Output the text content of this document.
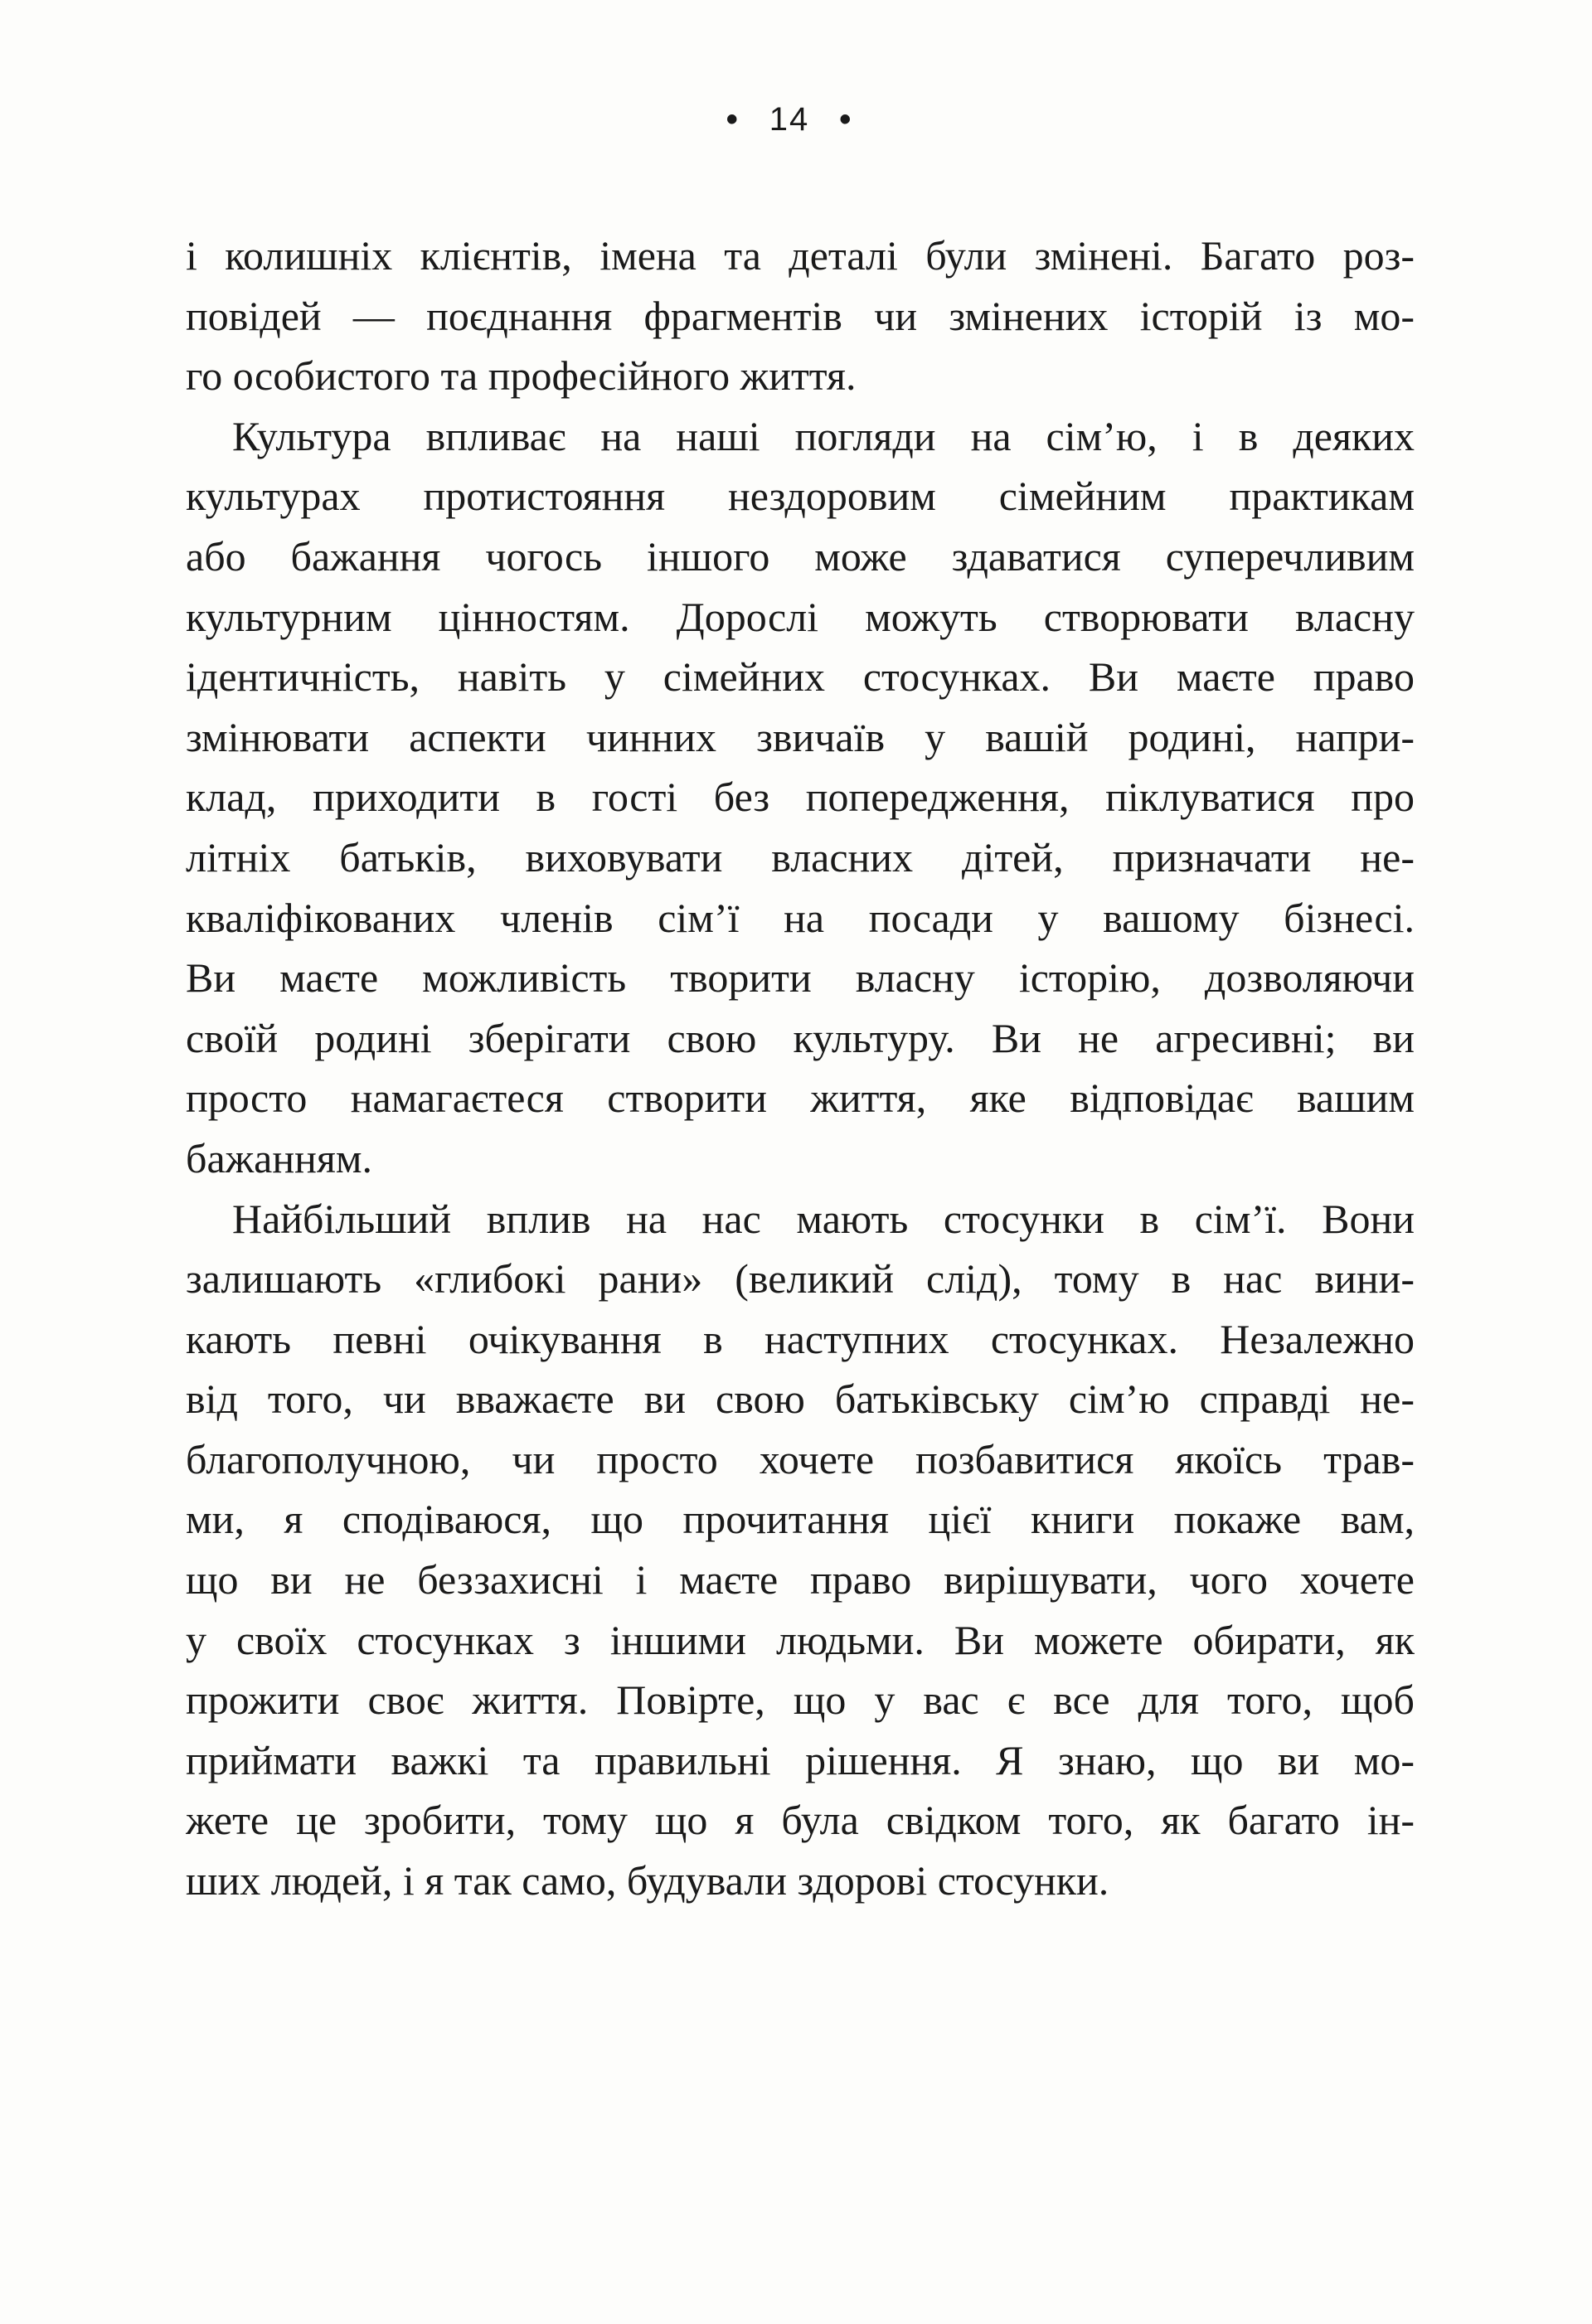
• 14 •
і колишніх клієнтів, імена та деталі були змінені. Багато роз-
повідей — поєднання фрагментів чи змінених історій із мо-
го особистого та професійного життя.
Культура впливає на наші погляди на сім’ю, і в деяких
культурах протистояння нездоровим сімейним практикам
або бажання чогось іншого може здаватися суперечливим
культурним цінностям. Дорослі можуть створювати власну
ідентичність, навіть у сімейних стосунках. Ви маєте право
змінювати аспекти чинних звичаїв у вашій родині, напри-
клад, приходити в гості без попередження, піклуватися про
літніх батьків, виховувати власних дітей, призначати не-
кваліфікованих членів сім’ї на посади у вашому бізнесі.
Ви маєте можливість творити власну історію, дозволяючи
своїй родині зберігати свою культуру. Ви не агресивні; ви
просто намагаєтеся створити життя, яке відповідає вашим
бажанням.
Найбільший вплив на нас мають стосунки в сім’ї. Вони
залишають «глибокі рани» (великий слід), тому в нас вини-
кають певні очікування в наступних стосунках. Незалежно
від того, чи вважаєте ви свою батьківську сім’ю справді не-
благополучною, чи просто хочете позбавитися якоїсь трав-
ми, я сподіваюся, що прочитання цієї книги покаже вам,
що ви не беззахисні і маєте право вирішувати, чого хочете
у своїх стосунках з іншими людьми. Ви можете обирати, як
прожити своє життя. Повірте, що у вас є все для того, щоб
приймати важкі та правильні рішення. Я знаю, що ви мо-
жете це зробити, тому що я була свідком того, як багато ін-
ших людей, і я так само, будували здорові стосунки.
